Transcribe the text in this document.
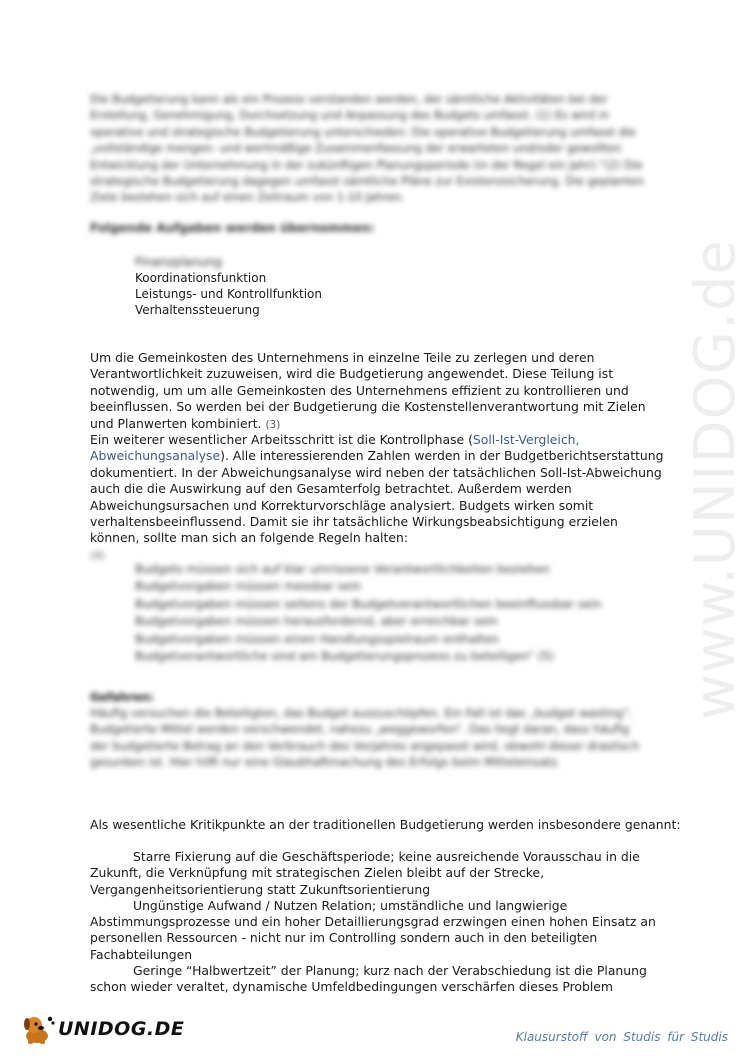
www.UNIDOG.de

Die Budgetierung kann als ein Prozess verstanden werden, der sämtliche Aktivitäten bei der Erstellung, Genehmigung, Durchsetzung und Anpassung des Budgets umfasst. (1) Es wird in operative und strategische Budgetierung unterschieden: Die operative Budgetierung umfasst die „vollständige mengen- und wertmäßige Zusammenfassung der erwarteten und/oder gewollten Entwicklung der Unternehmung in der zukünftigen Planungsperiode (in der Regel ein Jahr).“(2) Die strategische Budgetierung dagegen umfasst sämtliche Pläne zur Existenzsicherung. Die geplanten Ziele beziehen sich auf einen Zeitraum von 1-10 Jahren.

Folgende Aufgaben werden übernommen:
Finanzplanung
Koordinationsfunktion
Leistungs- und Kontrollfunktion
Verhaltenssteuerung

Um die Gemeinkosten des Unternehmens in einzelne Teile zu zerlegen und deren Verantwortlichkeit zuzuweisen, wird die Budgetierung angewendet. Diese Teilung ist notwendig, um um alle Gemeinkosten des Unternehmens effizient zu kontrollieren und beeinflussen. So werden bei der Budgetierung die Kostenstellenverantwortung mit Zielen und Planwerten kombiniert. (3)

Ein weiterer wesentlicher Arbeitsschritt ist die Kontrollphase (Soll-Ist-Vergleich, Abweichungsanalyse). Alle interessierenden Zahlen werden in der Budgetberichtserstattung dokumentiert. In der Abweichungsanalyse wird neben der tatsächlichen Soll-Ist-Abweichung auch die die Auswirkung auf den Gesamterfolg betrachtet. Außerdem werden Abweichungsursachen und Korrekturvorschläge analysiert. Budgets wirken somit verhaltensbeeinflussend. Damit sie ihr tatsächliche Wirkungsbeabsichtigung erzielen können, sollte man sich an folgende Regeln halten:
(4)

Budgets müssen sich auf klar umrissene Verantwortlichkeiten beziehen
Budgetvorgaben müssen messbar sein
Budgetvorgaben müssen seitens der Budgetverantwortlichen beeinflussbar sein
Budgetvorgaben müssen herausfordernd, aber erreichbar sein
Budgetvorgaben müssen einen Handlungsspielraum enthalten
Budgetverantwortliche sind am Budgetierungsprozess zu beteiligen“ (5)
Gefahren:
Häufig versuchen die Beteiligten, das Budget auszuschöpfen. Ein Fall ist das „budget wasting“. Budgetierte Mittel werden verschwendet, nahezu „weggeworfen“. Das liegt daran, dass häufig der budgetierte Betrag an den Verbrauch des Vorjahres angepasst wird, obwohl dieser drastisch gesunken ist. Hier hilft nur eine Glaubhaftmachung des Erfolgs beim Mitteleinsatz.

Als wesentliche Kritikpunkte an der traditionellen Budgetierung werden insbesondere genannt:

Starre Fixierung auf die Geschäftsperiode; keine ausreichende Vorausschau in die Zukunft, die Verknüpfung mit strategischen Zielen bleibt auf der Strecke, Vergangenheitsorientierung statt Zukunftsorientierung
Ungünstige Aufwand / Nutzen Relation; umständliche und langwierige Abstimmungsprozesse und ein hoher Detaillierungsgrad erzwingen einen hohen Einsatz an personellen Ressourcen - nicht nur im Controlling sondern auch in den beteiligten Fachabteilungen
Geringe “Halbwertzeit” der Planung; kurz nach der Verabschiedung ist die Planung schon wieder veraltet, dynamische Umfeldbedingungen verschärfen dieses Problem
UNIDOG.DE	Klausurstoff von Studis für Studis
